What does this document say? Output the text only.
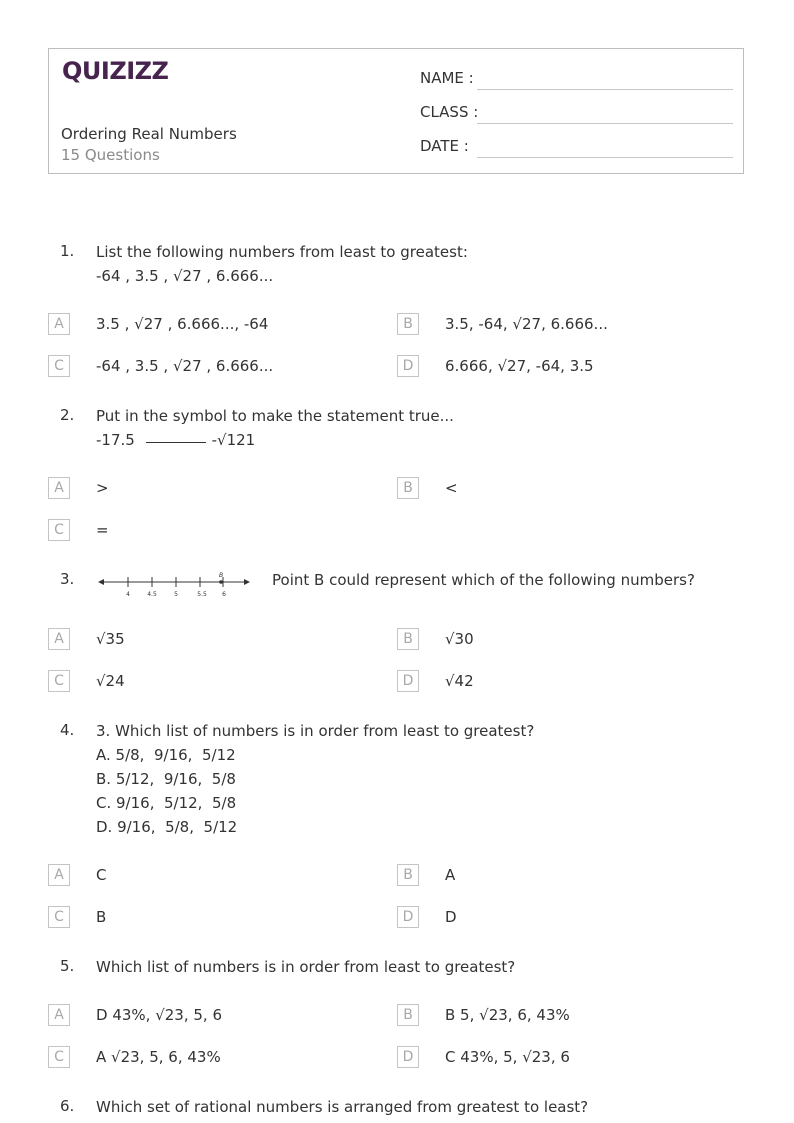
QUIZIZZ
Ordering Real Numbers
15 Questions
NAME :
CLASS :
DATE :
1. List the following numbers from least to greatest:
-64 , 3.5 , √27 , 6.666...
A	3.5 , √27 , 6.666..., -64	B	3.5, -64, √27, 6.666...
C	-64 , 3.5 , √27 , 6.666...	D	6.666, √27, -64, 3.5
2. Put in the symbol to make the statement true...
-17.5	-√121
A	>	B	<
C	=
3.
4	4.5	5	5.5	6
B	Point B could represent which of the following numbers?
A	√35	B	√30
C	√24	D	√42
4. 3. Which list of numbers is in order from least to greatest?
A. 5/8,  9/16,  5/12
B. 5/12,  9/16,  5/8
C. 9/16,  5/12,  5/8
D. 9/16,  5/8,  5/12
A	C	B	A
C	B	D	D
5. Which list of numbers is in order from least to greatest?
A	D 43%, √23, 5, 6	B	B 5, √23, 6, 43%
C	A √23, 5, 6, 43%	D	C 43%, 5, √23, 6
6. Which set of rational numbers is arranged from greatest to least?
